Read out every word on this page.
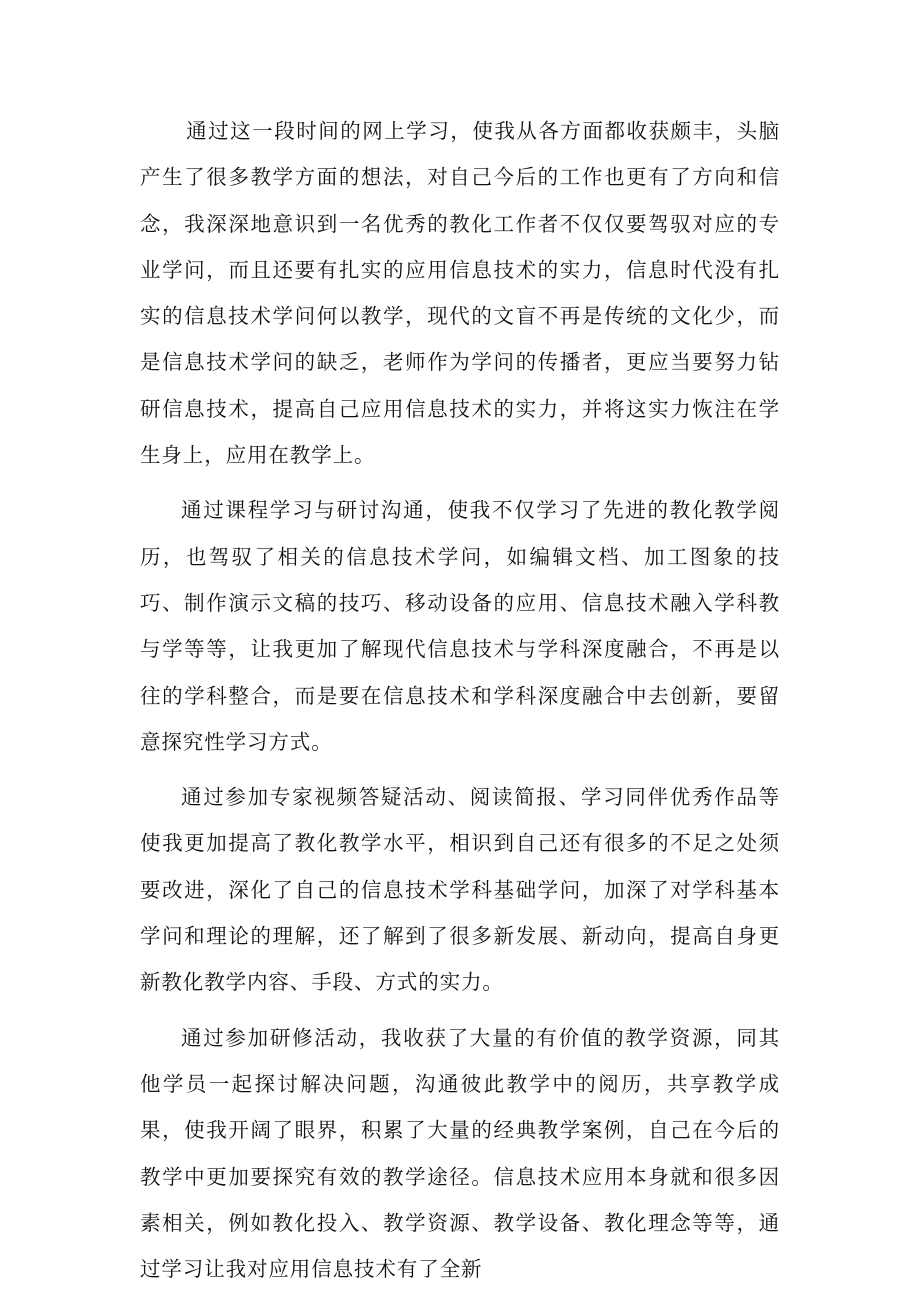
通过这一段时间的网上学习，使我从各方面都收获颇丰，头脑产生了很多教学方面的想法，对自己今后的工作也更有了方向和信念，我深深地意识到一名优秀的教化工作者不仅仅要驾驭对应的专业学问，而且还要有扎实的应用信息技术的实力，信息时代没有扎实的信息技术学问何以教学，现代的文盲不再是传统的文化少，而是信息技术学问的缺乏，老师作为学问的传播者，更应当要努力钻研信息技术，提高自己应用信息技术的实力，并将这实力恢注在学生身上，应用在教学上。

通过课程学习与研讨沟通，使我不仅学习了先进的教化教学阅历，也驾驭了相关的信息技术学问，如编辑文档、加工图象的技巧、制作演示文稿的技巧、移动设备的应用、信息技术融入学科教与学等等，让我更加了解现代信息技术与学科深度融合，不再是以往的学科整合，而是要在信息技术和学科深度融合中去创新，要留意探究性学习方式。

通过参加专家视频答疑活动、阅读简报、学习同伴优秀作品等使我更加提高了教化教学水平，相识到自己还有很多的不足之处须要改进，深化了自己的信息技术学科基础学问，加深了对学科基本学问和理论的理解，还了解到了很多新发展、新动向，提高自身更新教化教学内容、手段、方式的实力。

通过参加研修活动，我收获了大量的有价值的教学资源，同其他学员一起探讨解决问题，沟通彼此教学中的阅历，共享教学成果，使我开阔了眼界，积累了大量的经典教学案例，自己在今后的教学中更加要探究有效的教学途径。信息技术应用本身就和很多因素相关，例如教化投入、教学资源、教学设备、教化理念等等，通过学习让我对应用信息技术有了全新
